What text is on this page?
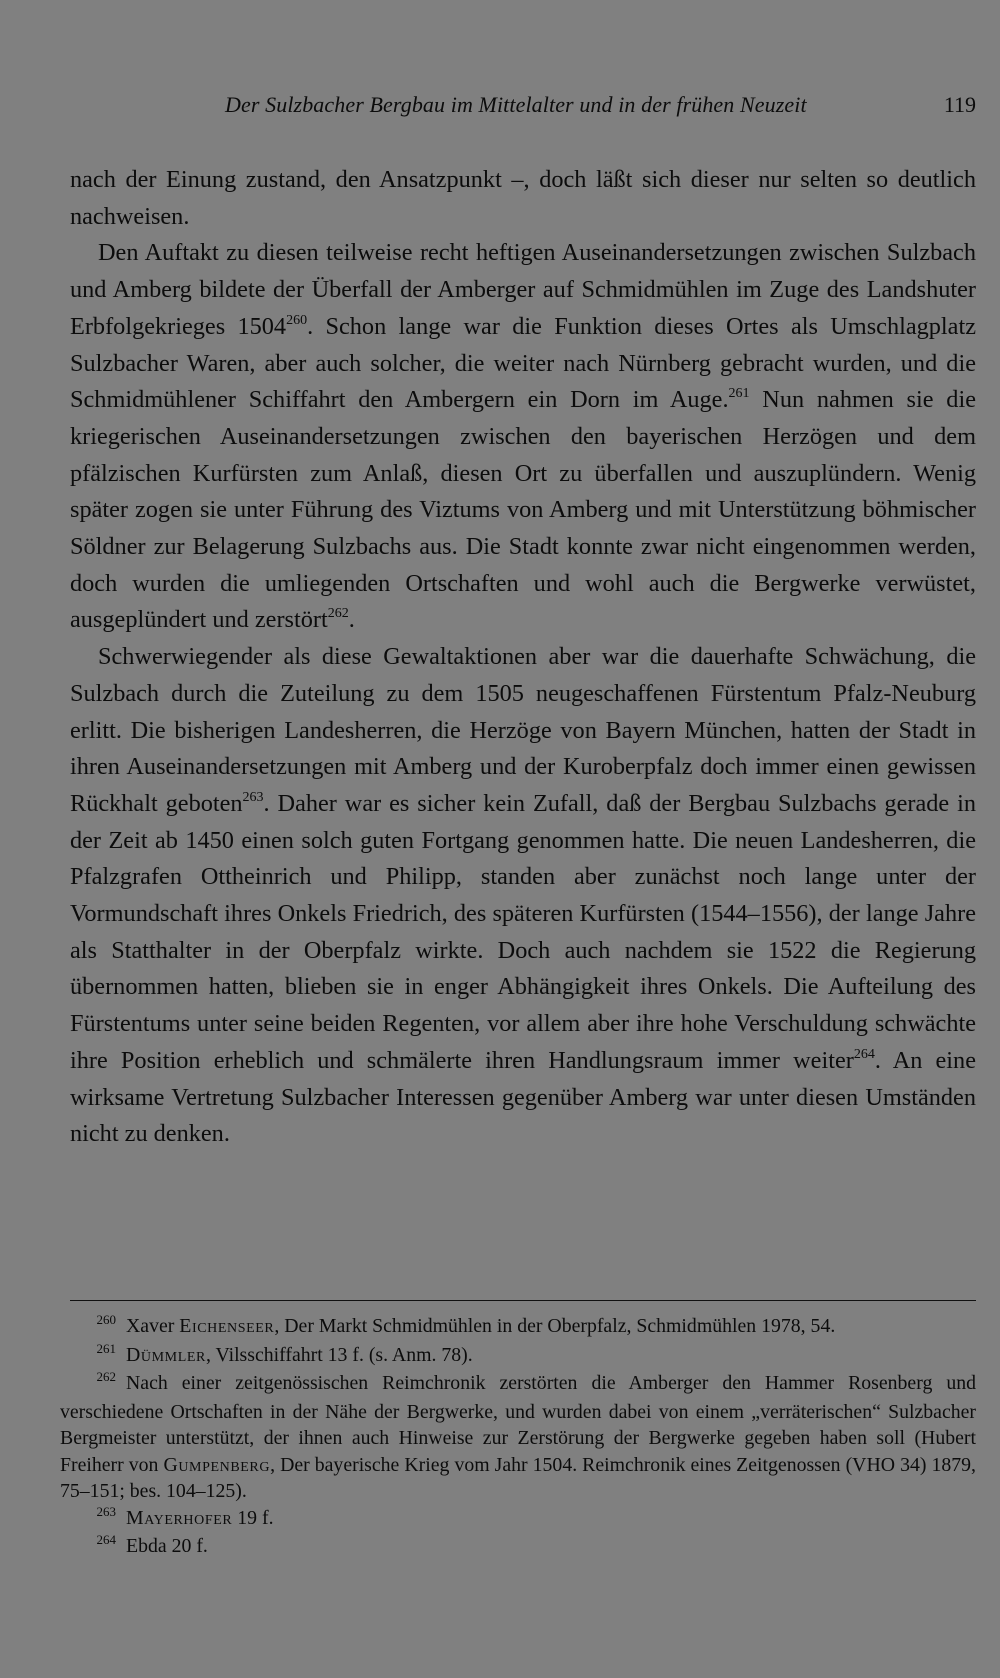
Der Sulzbacher Bergbau im Mittelalter und in der frühen Neuzeit	119

nach der Einung zustand, den Ansatzpunkt –, doch läßt sich dieser nur selten so deutlich nachweisen.

Den Auftakt zu diesen teilweise recht heftigen Auseinandersetzungen zwischen Sulzbach und Amberg bildete der Überfall der Amberger auf Schmidmühlen im Zuge des Landshuter Erbfolgekrieges 1504$^{260}$. Schon lange war die Funktion dieses Ortes als Umschlagplatz Sulzbacher Waren, aber auch solcher, die weiter nach Nürnberg gebracht wurden, und die Schmidmühlener Schiffahrt den Ambergern ein Dorn im Auge.$^{261}$ Nun nahmen sie die kriegerischen Auseinandersetzungen zwischen den bayerischen Herzögen und dem pfälzischen Kurfürsten zum Anlaß, diesen Ort zu überfallen und auszuplündern. Wenig später zogen sie unter Führung des Viztums von Amberg und mit Unterstützung böhmischer Söldner zur Belagerung Sulzbachs aus. Die Stadt konnte zwar nicht eingenommen werden, doch wurden die umliegenden Ortschaften und wohl auch die Bergwerke verwüstet, ausgeplündert und zerstört$^{262}$.

Schwerwiegender als diese Gewaltaktionen aber war die dauerhafte Schwächung, die Sulzbach durch die Zuteilung zu dem 1505 neugeschaffenen Fürstentum Pfalz-Neuburg erlitt. Die bisherigen Landesherren, die Herzöge von Bayern München, hatten der Stadt in ihren Auseinandersetzungen mit Amberg und der Kuroberpfalz doch immer einen gewissen Rückhalt geboten$^{263}$. Daher war es sicher kein Zufall, daß der Bergbau Sulzbachs gerade in der Zeit ab 1450 einen solch guten Fortgang genommen hatte. Die neuen Landesherren, die Pfalzgrafen Ottheinrich und Philipp, standen aber zunächst noch lange unter der Vormundschaft ihres Onkels Friedrich, des späteren Kurfürsten (1544–1556), der lange Jahre als Statthalter in der Oberpfalz wirkte. Doch auch nachdem sie 1522 die Regierung übernommen hatten, blieben sie in enger Abhängigkeit ihres Onkels. Die Aufteilung des Fürstentums unter seine beiden Regenten, vor allem aber ihre hohe Verschuldung schwächte ihre Position erheblich und schmälerte ihren Handlungsraum immer weiter$^{264}$. An eine wirksame Vertretung Sulzbacher Interessen gegenüber Amberg war unter diesen Umständen nicht zu denken.

260 Xaver Eichenseer, Der Markt Schmidmühlen in der Oberpfalz, Schmidmühlen 1978, 54.

261 Dümmler, Vilsschiffahrt 13 f. (s. Anm. 78).

262 Nach einer zeitgenössischen Reimchronik zerstörten die Amberger den Hammer Rosenberg und verschiedene Ortschaften in der Nähe der Bergwerke, und wurden dabei von einem „verräterischen“ Sulzbacher Bergmeister unterstützt, der ihnen auch Hinweise zur Zerstörung der Bergwerke gegeben haben soll (Hubert Freiherr von Gumpenberg, Der bayerische Krieg vom Jahr 1504. Reimchronik eines Zeitgenossen (VHO 34) 1879, 75–151; bes. 104–125).

263 Mayerhofer 19 f.

264 Ebda 20 f.
